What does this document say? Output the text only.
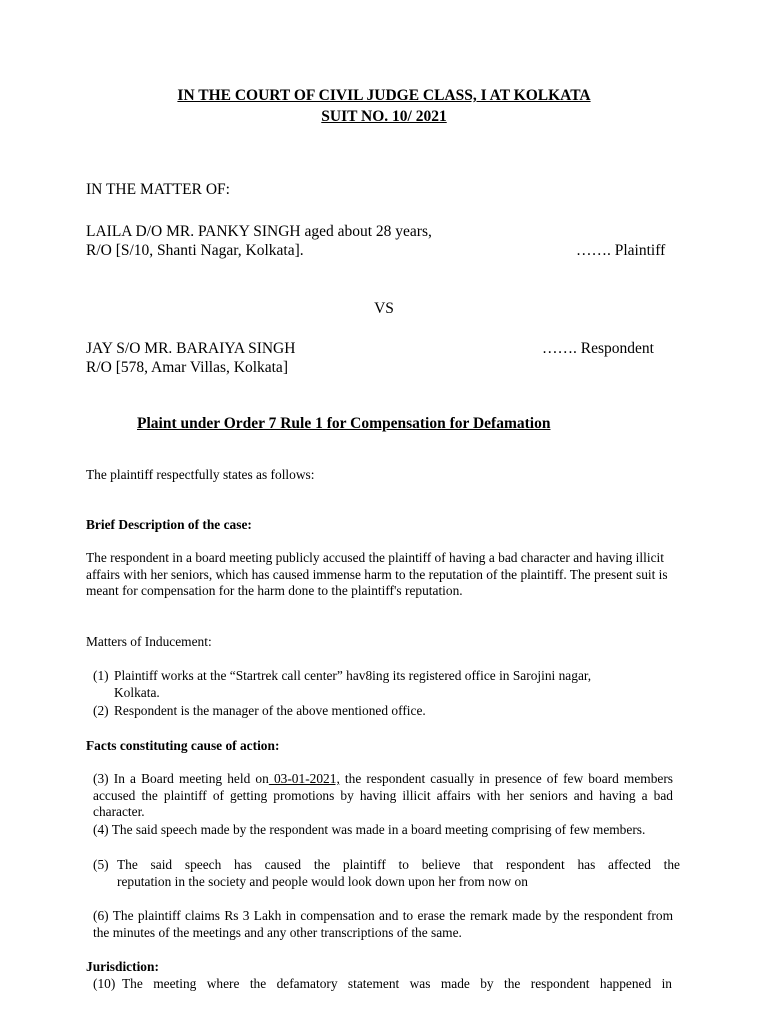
IN THE COURT OF CIVIL JUDGE CLASS, I AT KOLKATA
SUIT NO. 10/ 2021
IN THE MATTER OF:
LAILA D/O MR. PANKY SINGH aged about 28 years,
R/O [S/10, Shanti Nagar, Kolkata].	……. Plaintiff
VS
JAY S/O MR. BARAIYA SINGH	……. Respondent
R/O [578, Amar Villas, Kolkata]
Plaint under Order 7 Rule 1 for Compensation for Defamation
The plaintiff respectfully states as follows:
Brief Description of the case:

The respondent in a board meeting publicly accused the plaintiff of having a bad character and having illicit affairs with her seniors, which has caused immense harm to the reputation of the plaintiff. The present suit is meant for compensation for the harm done to the plaintiff's reputation.

Matters of Inducement:
(1) Plaintiff works at the “Startrek call center” hav8ing its registered office in Sarojini nagar,
Kolkata.
(2) Respondent is the manager of the above mentioned office.
Facts constituting cause of action:

(3) In a Board meeting held on 03-01-2021, the respondent casually in presence of few board members accused the plaintiff of getting promotions by having illicit affairs with her seniors and having a bad character.

(4) The said speech made by the respondent was made in a board meeting comprising of few members.

(5) The said speech has caused the plaintiff to believe that respondent has affected the

reputation in the society and people would look down upon her from now on

(6) The plaintiff claims Rs 3 Lakh in compensation and to erase the remark made by the respondent from the minutes of the meetings and any other transcriptions of the same.

Jurisdiction:
(10) The meeting where the defamatory statement was made by the respondent happened in
